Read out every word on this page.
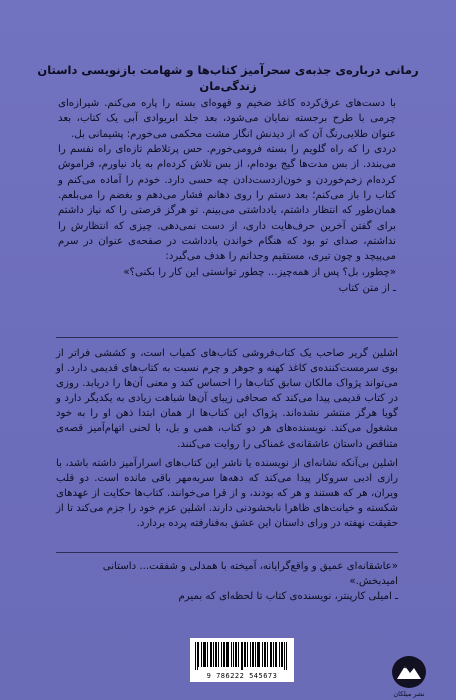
رمانی درباره‌ی جذبه‌ی سحرآمیز کتاب‌ها و شهامت بازنویسی داستان زندگی‌مان

با دست‌های عرق‌کرده کاغذ ضخیم و قهوه‌ای بسته را پاره می‌کنم. شیرازه‌ای چرمی با طرح برجسته نمایان می‌شود، بعد جلد ابریوادی آبی یک کتاب، بعد عنوان طلایی‌رنگ آن که از دیدنش انگار مشت محکمی می‌خورم: پشیمانی بل.

دردی را که راه گلویم را بسته فرومی‌خورم. حس پرتلاطم تازه‌ای راه نفسم را می‌بندد. از بس مدت‌ها گیج بوده‌ام، از بس تلاش کرده‌ام به یاد نیاورم، فراموش کرده‌ام زخم‌خوردن و خون‌ازدست‌دادن چه حسی دارد. خودم را آماده می‌کنم و کتاب را باز می‌کنم؛ بعد دستم را روی دهانم فشار می‌دهم و بغضم را می‌بلعم. همان‌طور که انتظار داشتم، یادداشتی می‌بینم. تو هرگز فرصتی را که نیاز داشتم برای گفتن آخرین حرف‌هایت داری، از دست نمی‌دهی. چیزی که انتظارش را نداشتم، صدای تو بود که هنگام خواندن یادداشت در صفحه‌ی عنوان در سرم می‌پیچد و چون تیری، مستقیم وجدانم را هدف می‌گیرد:

«چطور، بل؟ پس از همه‌چیز... چطور توانستی این کار را بکنی؟»

ـ از متن کتاب

اشلین گریر صاحب یک کتاب‌فروشی کتاب‌های کمیاب است، و کششی فراتر از بوی سرمست‌کننده‌ی کاغذ کهنه و جوهر و چرم نسبت به کتاب‌های قدیمی دارد. او می‌تواند پژواک مالکان سابق کتاب‌ها را احساس کند و معنی آن‌ها را دریابد. روزی در کتاب قدیمی پیدا می‌کند که صحافی زیبای آن‌ها شباهت زیادی به یکدیگر دارد و گویا هرگز منتشر نشده‌اند. پژواک این کتاب‌ها از همان ابتدا ذهن او را به خود مشغول می‌کند. نویسنده‌های هر دو کتاب، همی و بل، با لحنی اتهام‌آمیز قصه‌ی متناقض داستان عاشقانه‌ی غمناکی را روایت می‌کنند.

اشلین بی‌آنکه نشانه‌ای از نویسنده یا ناشر این کتاب‌های اسرارآمیز داشته باشد، با رازی ادبی سروکار پیدا می‌کند که دهه‌ها سربه‌مهر باقی مانده است. دو قلب ویران، هر که هستند و هر که بودند، و از قرا می‌خوانند. کتاب‌ها حکایت از عهدهای شکسته و خیانت‌های ظاهرا نابخشودنی دارند. اشلین عزم خود را جزم می‌کند تا از حقیقت نهفته در ورای داستان این عشق به‌فنارفته پرده بردارد.

«عاشقانه‌ای عمیق و واقع‌گرایانه، آمیخته با همدلی و شفقت... داستانی امیدبخش.»

ـ امیلی کارپنتر، نویسنده‌ی کتاب تا لحظه‌ای که بمیرم

9 786222 545673
نشر میلکان
